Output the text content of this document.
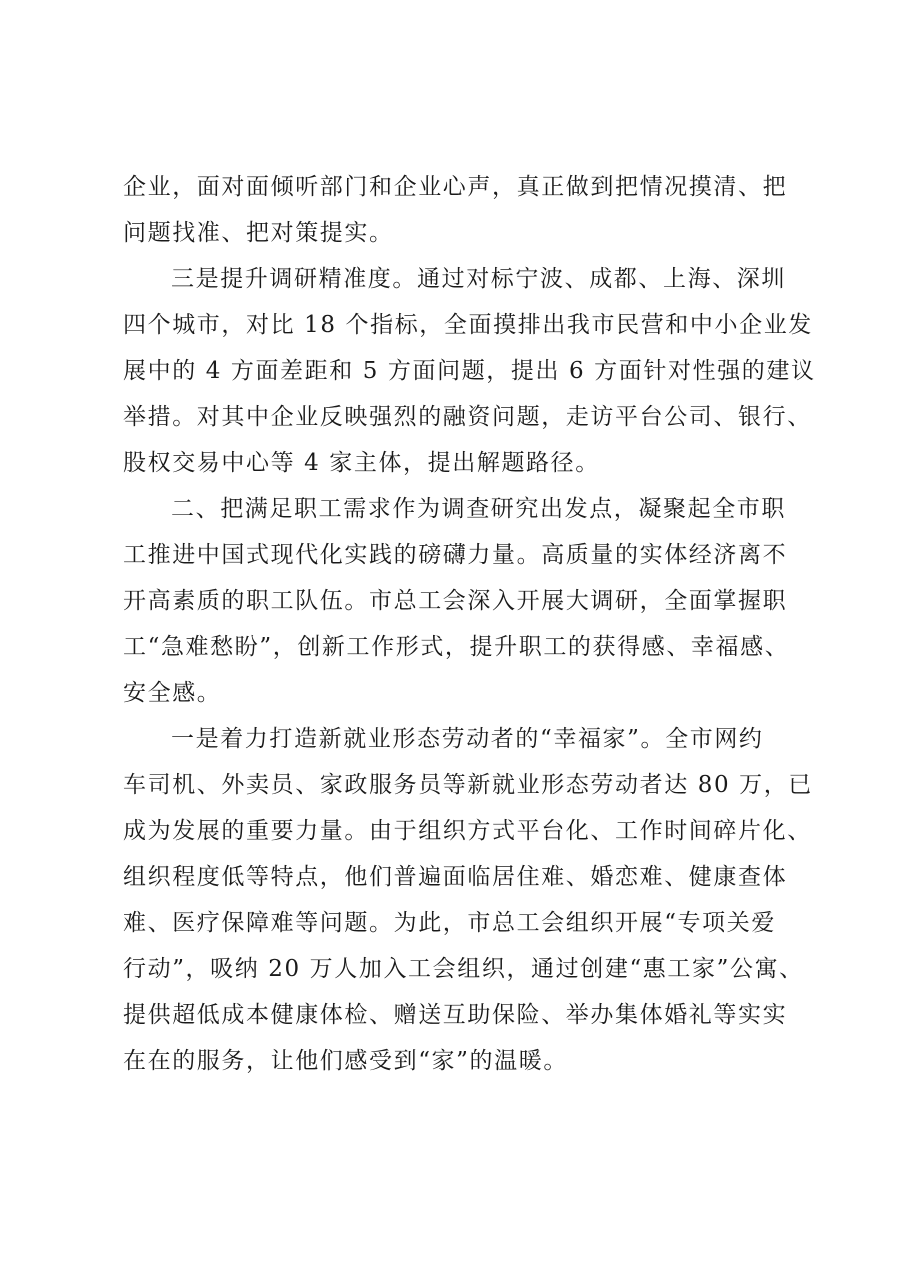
企业，面对面倾听部门和企业心声，真正做到把情况摸清、把
问题找准、把对策提实。
三是提升调研精准度。通过对标宁波、成都、上海、深圳
四个城市，对比 18 个指标，全面摸排出我市民营和中小企业发
展中的 4 方面差距和 5 方面问题，提出 6 方面针对性强的建议
举措。对其中企业反映强烈的融资问题，走访平台公司、银行、
股权交易中心等 4 家主体，提出解题路径。
二、把满足职工需求作为调查研究出发点，凝聚起全市职
工推进中国式现代化实践的磅礴力量。高质量的实体经济离不
开高素质的职工队伍。市总工会深入开展大调研，全面掌握职
工“急难愁盼”，创新工作形式，提升职工的获得感、幸福感、
安全感。
一是着力打造新就业形态劳动者的“幸福家”。全市网约
车司机、外卖员、家政服务员等新就业形态劳动者达 80 万，已
成为发展的重要力量。由于组织方式平台化、工作时间碎片化、
组织程度低等特点，他们普遍面临居住难、婚恋难、健康查体
难、医疗保障难等问题。为此，市总工会组织开展“专项关爱
行动”，吸纳 20 万人加入工会组织，通过创建“惠工家”公寓、
提供超低成本健康体检、赠送互助保险、举办集体婚礼等实实
在在的服务，让他们感受到“家”的温暖。
